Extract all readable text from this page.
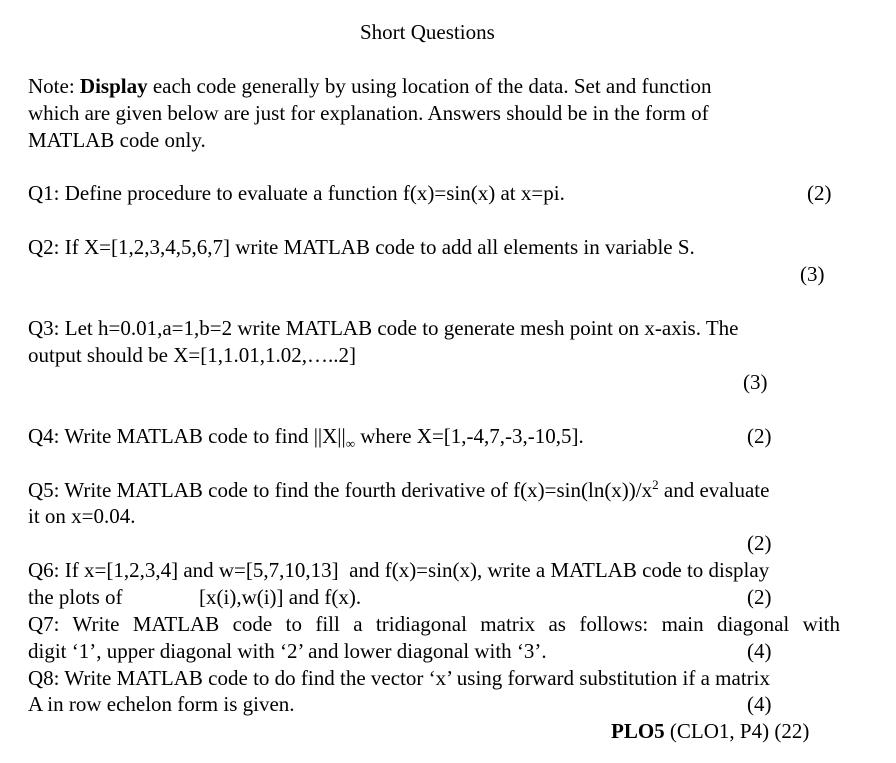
Short Questions
Note: Display each code generally by using location of the data. Set and function
which are given below are just for explanation. Answers should be in the form of
MATLAB code only.
Q1: Define procedure to evaluate a function f(x)=sin(x) at x=pi.	(2)
Q2: If X=[1,2,3,4,5,6,7] write MATLAB code to add all elements in variable S.
(3)
Q3: Let h=0.01,a=1,b=2 write MATLAB code to generate mesh point on x-axis. The
output should be X=[1,1.01,1.02,…..2]
(3)
Q4: Write MATLAB code to find $||X||_\infty$ where X=[1,-4,7,-3,-10,5].	(2)
Q5: Write MATLAB code to find the fourth derivative of $f(x)=\sin(\ln(x))/x^2$ and evaluate
it on x=0.04.
(2)
Q6: If x=[1,2,3,4] and w=[5,7,10,13]  and f(x)=sin(x), write a MATLAB code to display
the plots of	[x(i),w(i)] and f(x).	(2)
Q7: Write MATLAB code to fill a tridiagonal matrix as follows: main diagonal with
digit ‘1’, upper diagonal with ‘2’ and lower diagonal with ‘3’.	(4)
Q8: Write MATLAB code to do find the vector ‘x’ using forward substitution if a matrix
A in row echelon form is given.	(4)
PLO5 (CLO1, P4) (22)
